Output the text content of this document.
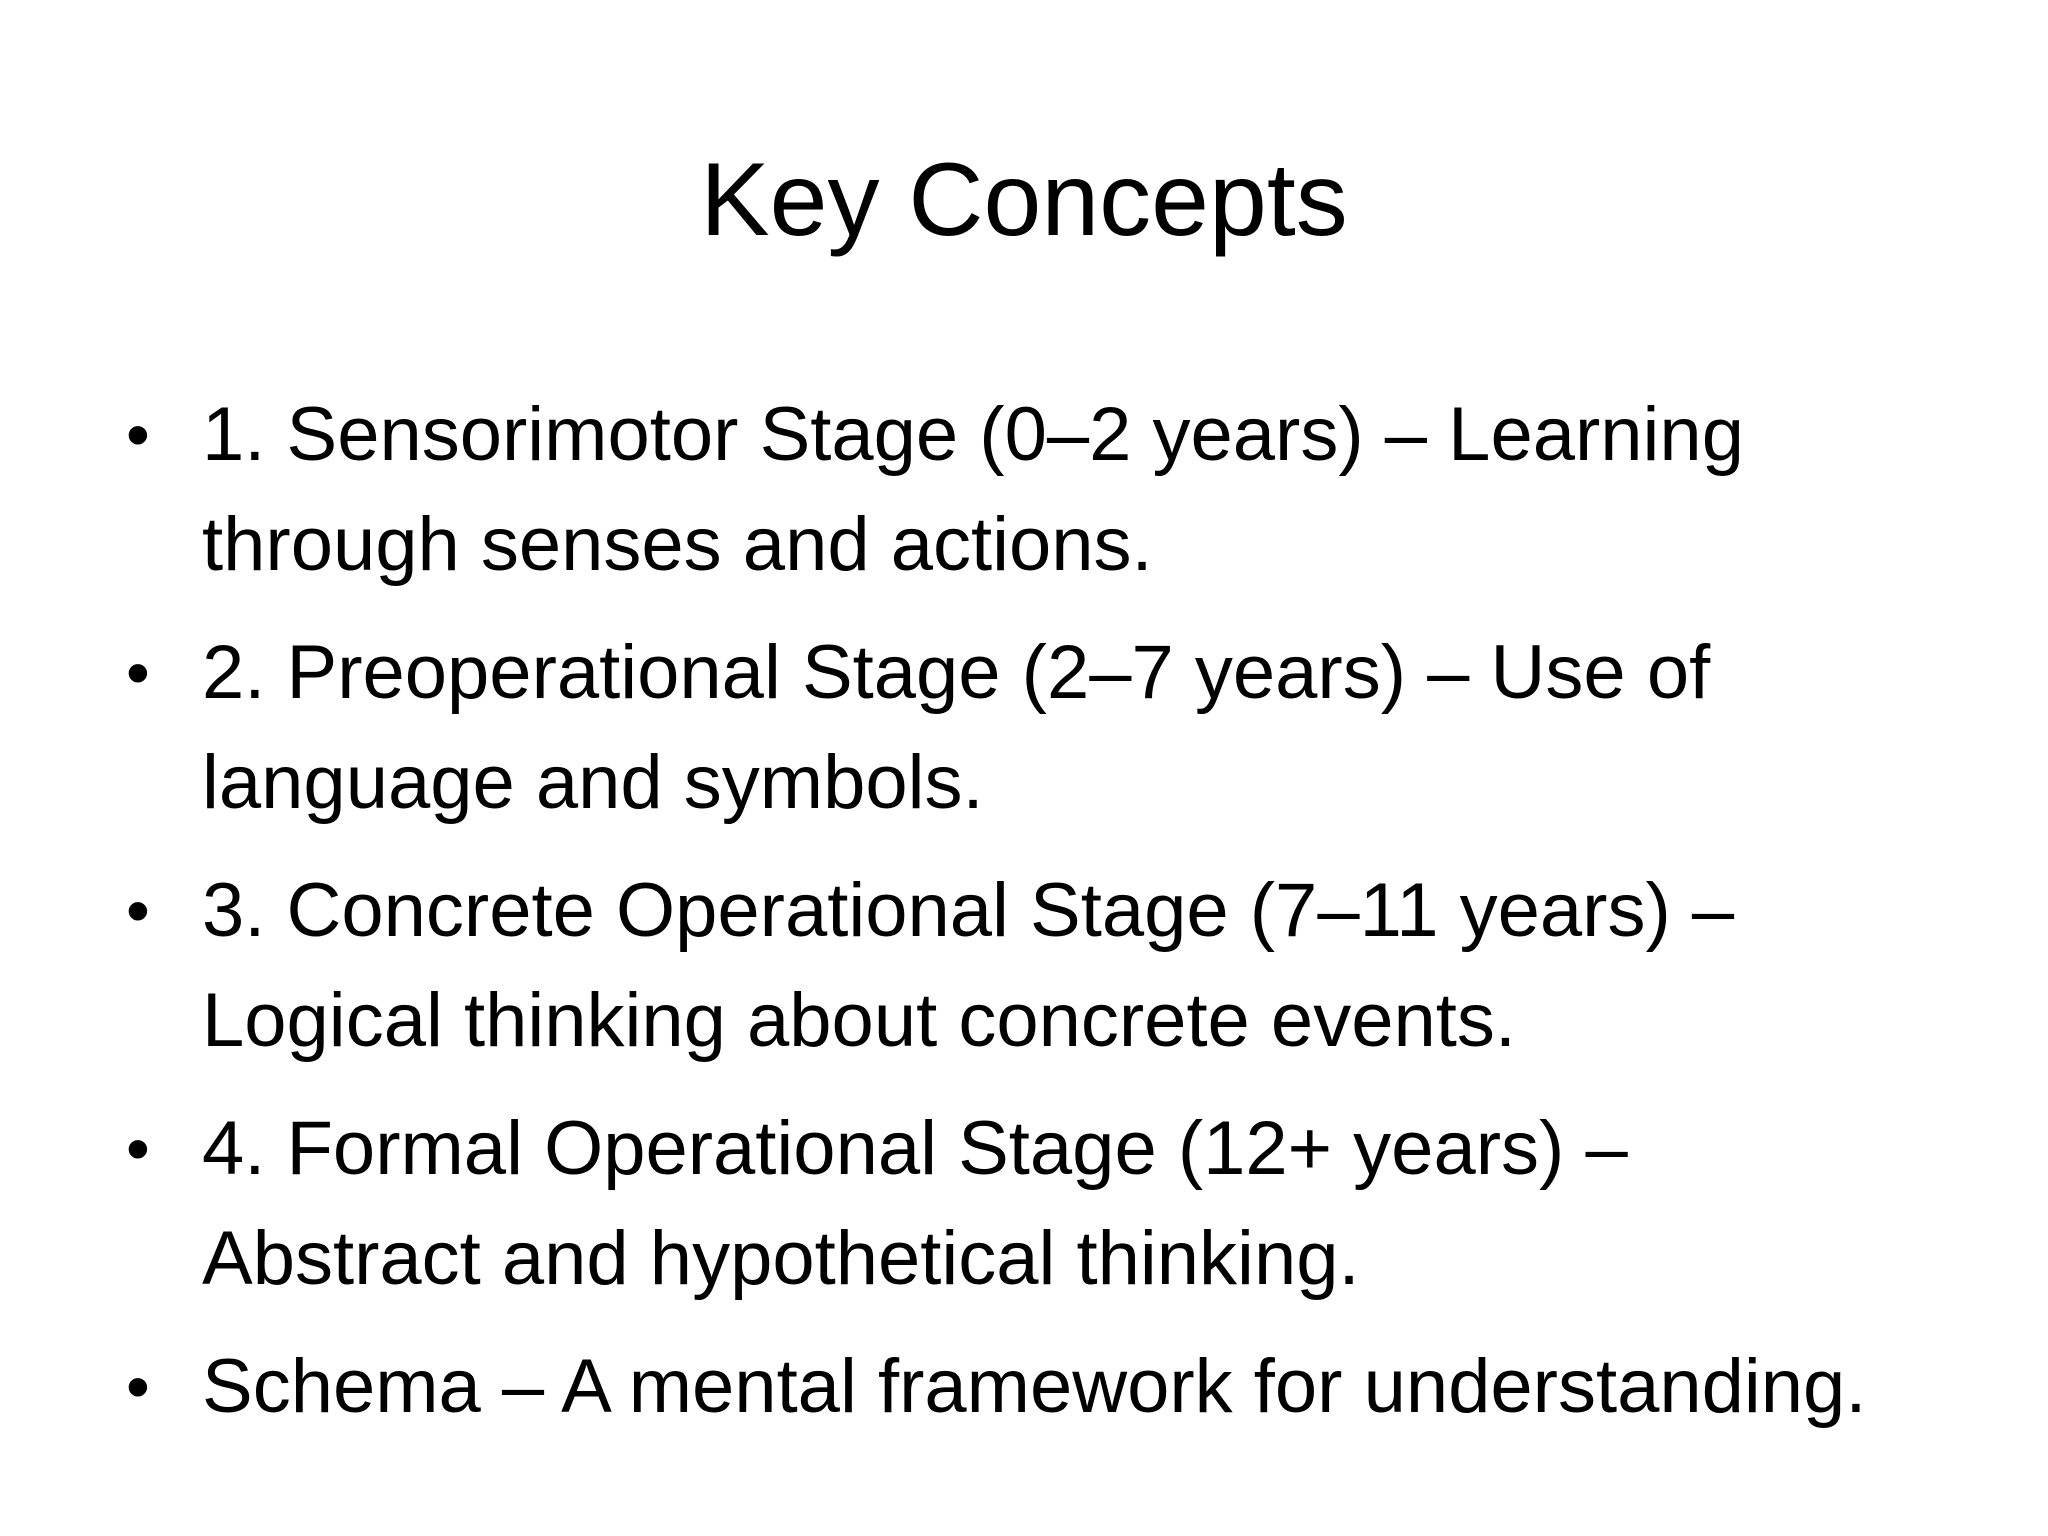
Key Concepts
• 1. Sensorimotor Stage (0–2 years) – Learning through senses and actions.
• 2. Preoperational Stage (2–7 years) – Use of language and symbols.
• 3. Concrete Operational Stage (7–11 years) – Logical thinking about concrete events.
• 4. Formal Operational Stage (12+ years) – Abstract and hypothetical thinking.
• Schema – A mental framework for understanding.
